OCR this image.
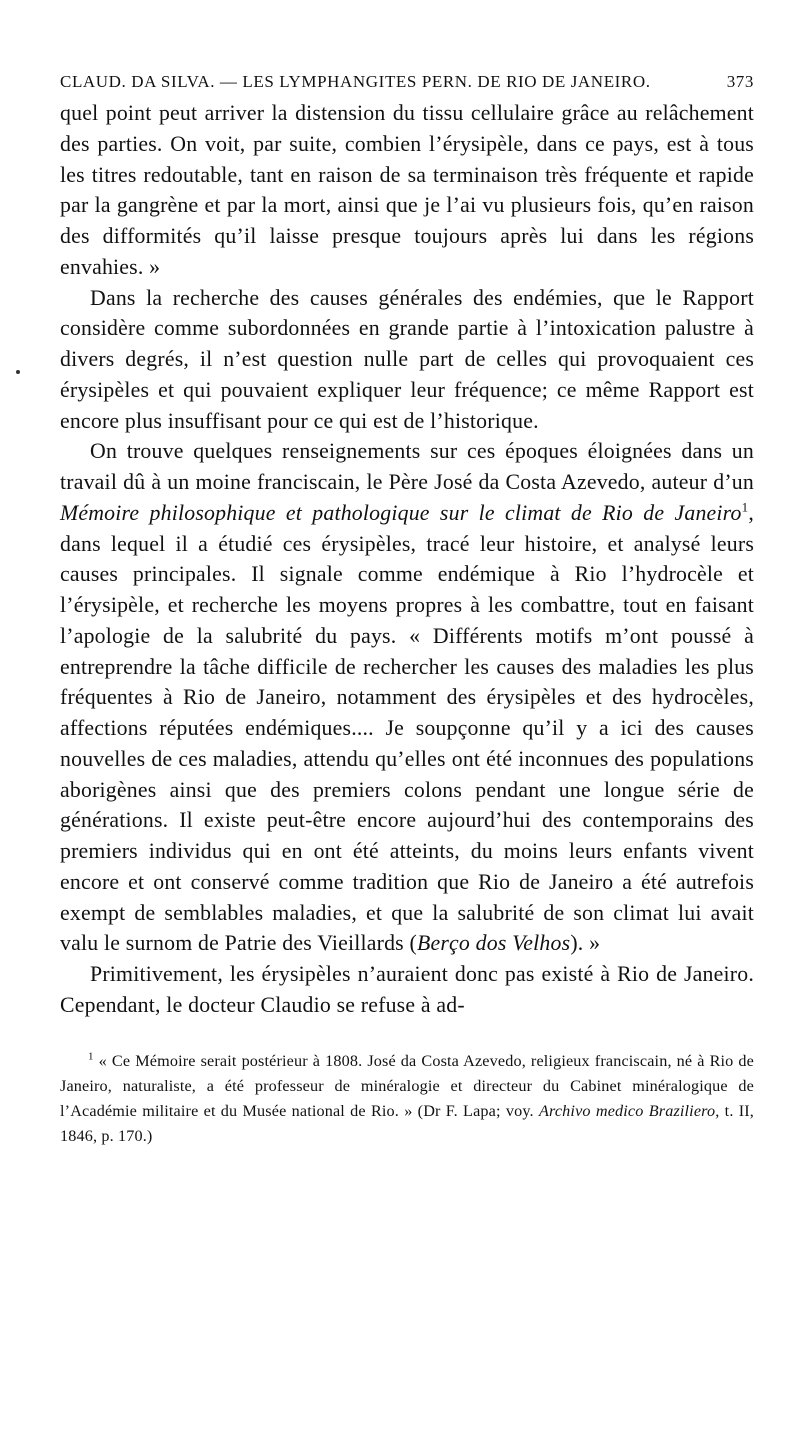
CLAUD. DA SILVA. — LES LYMPHANGITES PERN. DE RIO DE JANEIRO.	373

quel point peut arriver la distension du tissu cellulaire grâce au relâchement des parties. On voit, par suite, combien l’érysipèle, dans ce pays, est à tous les titres redoutable, tant en raison de sa terminaison très fréquente et rapide par la gangrène et par la mort, ainsi que je l’ai vu plusieurs fois, qu’en raison des difformités qu’il laisse presque toujours après lui dans les régions envahies. »

Dans la recherche des causes générales des endémies, que le Rapport considère comme subordonnées en grande partie à l’intoxication palustre à divers degrés, il n’est question nulle part de celles qui provoquaient ces érysipèles et qui pouvaient expliquer leur fréquence; ce même Rapport est encore plus insuffisant pour ce qui est de l’historique.

On trouve quelques renseignements sur ces époques éloignées dans un travail dû à un moine franciscain, le Père José da Costa Azevedo, auteur d’un Mémoire philosophique et pathologique sur le climat de Rio de Janeiro$^1$, dans lequel il a étudié ces érysipèles, tracé leur histoire, et analysé leurs causes principales. Il signale comme endémique à Rio l’hydrocèle et l’érysipèle, et recherche les moyens propres à les combattre, tout en faisant l’apologie de la salubrité du pays. « Différents motifs m’ont poussé à entreprendre la tâche difficile de rechercher les causes des maladies les plus fréquentes à Rio de Janeiro, notamment des érysipèles et des hydrocèles, affections réputées endémiques.... Je soupçonne qu’il y a ici des causes nouvelles de ces maladies, attendu qu’elles ont été inconnues des populations aborigènes ainsi que des premiers colons pendant une longue série de générations. Il existe peut-être encore aujourd’hui des contemporains des premiers individus qui en ont été atteints, du moins leurs enfants vivent encore et ont conservé comme tradition que Rio de Janeiro a été autrefois exempt de semblables maladies, et que la salubrité de son climat lui avait valu le surnom de Patrie des Vieillards (Berço dos Velhos). »

Primitivement, les érysipèles n’auraient donc pas existé à Rio de Janeiro. Cependant, le docteur Claudio se refuse à ad-

$^1$ « Ce Mémoire serait postérieur à 1808. José da Costa Azevedo, religieux franciscain, né à Rio de Janeiro, naturaliste, a été professeur de minéralogie et directeur du Cabinet minéralogique de l’Académie militaire et du Musée national de Rio. » (Dr F. Lapa; voy. Archivo medico Braziliero, t. II, 1846, p. 170.)
